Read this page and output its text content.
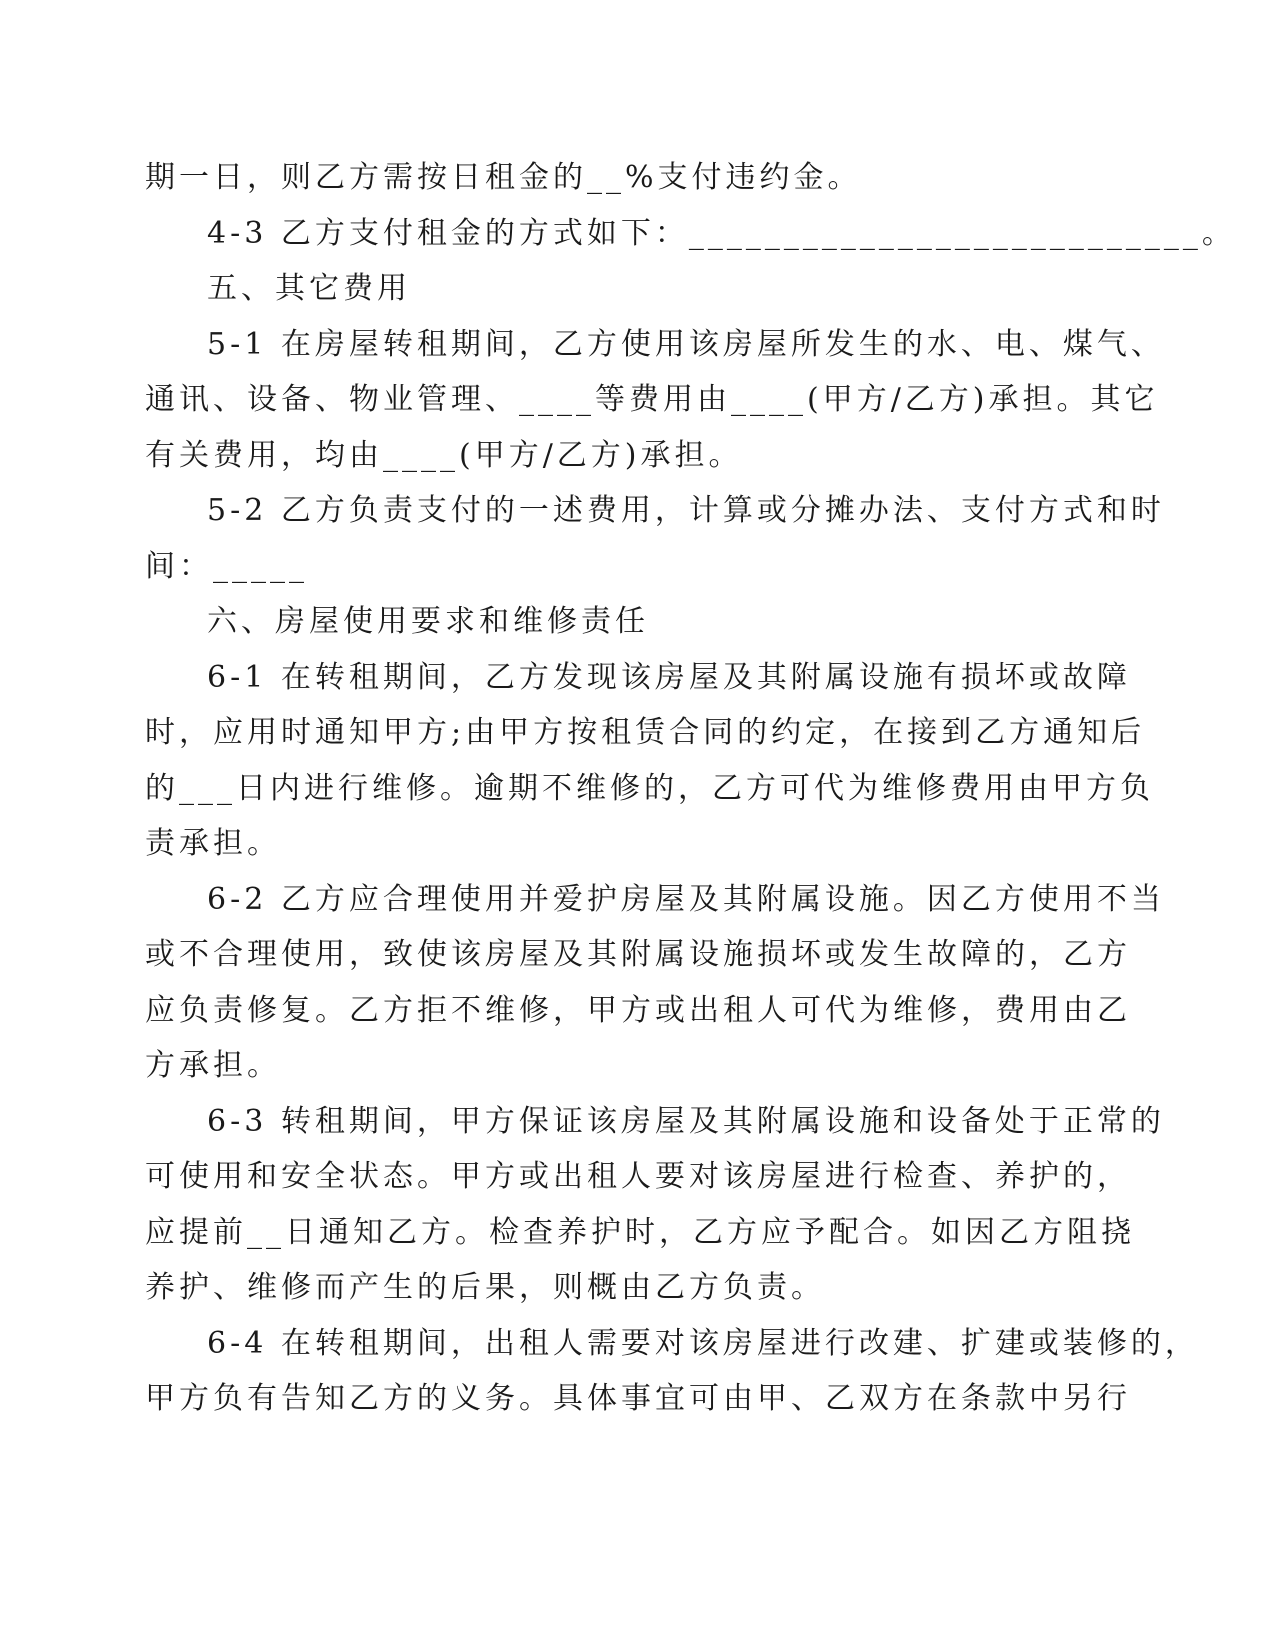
期一日，则乙方需按日租金的__%支付违约金。
4-3 乙方支付租金的方式如下：___________________________。
五、其它费用
5-1 在房屋转租期间，乙方使用该房屋所发生的水、电、煤气、
通讯、设备、物业管理、____等费用由____(甲方/乙方)承担。其它
有关费用，均由____(甲方/乙方)承担。
5-2 乙方负责支付的一述费用，计算或分摊办法、支付方式和时
间：_____
六、房屋使用要求和维修责任
6-1 在转租期间，乙方发现该房屋及其附属设施有损坏或故障
时，应用时通知甲方;由甲方按租赁合同的约定，在接到乙方通知后
的___日内进行维修。逾期不维修的，乙方可代为维修费用由甲方负
责承担。
6-2 乙方应合理使用并爱护房屋及其附属设施。因乙方使用不当
或不合理使用，致使该房屋及其附属设施损坏或发生故障的，乙方
应负责修复。乙方拒不维修，甲方或出租人可代为维修，费用由乙
方承担。
6-3 转租期间，甲方保证该房屋及其附属设施和设备处于正常的
可使用和安全状态。甲方或出租人要对该房屋进行检查、养护的，
应提前__日通知乙方。检查养护时，乙方应予配合。如因乙方阻挠
养护、维修而产生的后果，则概由乙方负责。
6-4 在转租期间，出租人需要对该房屋进行改建、扩建或装修的，
甲方负有告知乙方的义务。具体事宜可由甲、乙双方在条款中另行
